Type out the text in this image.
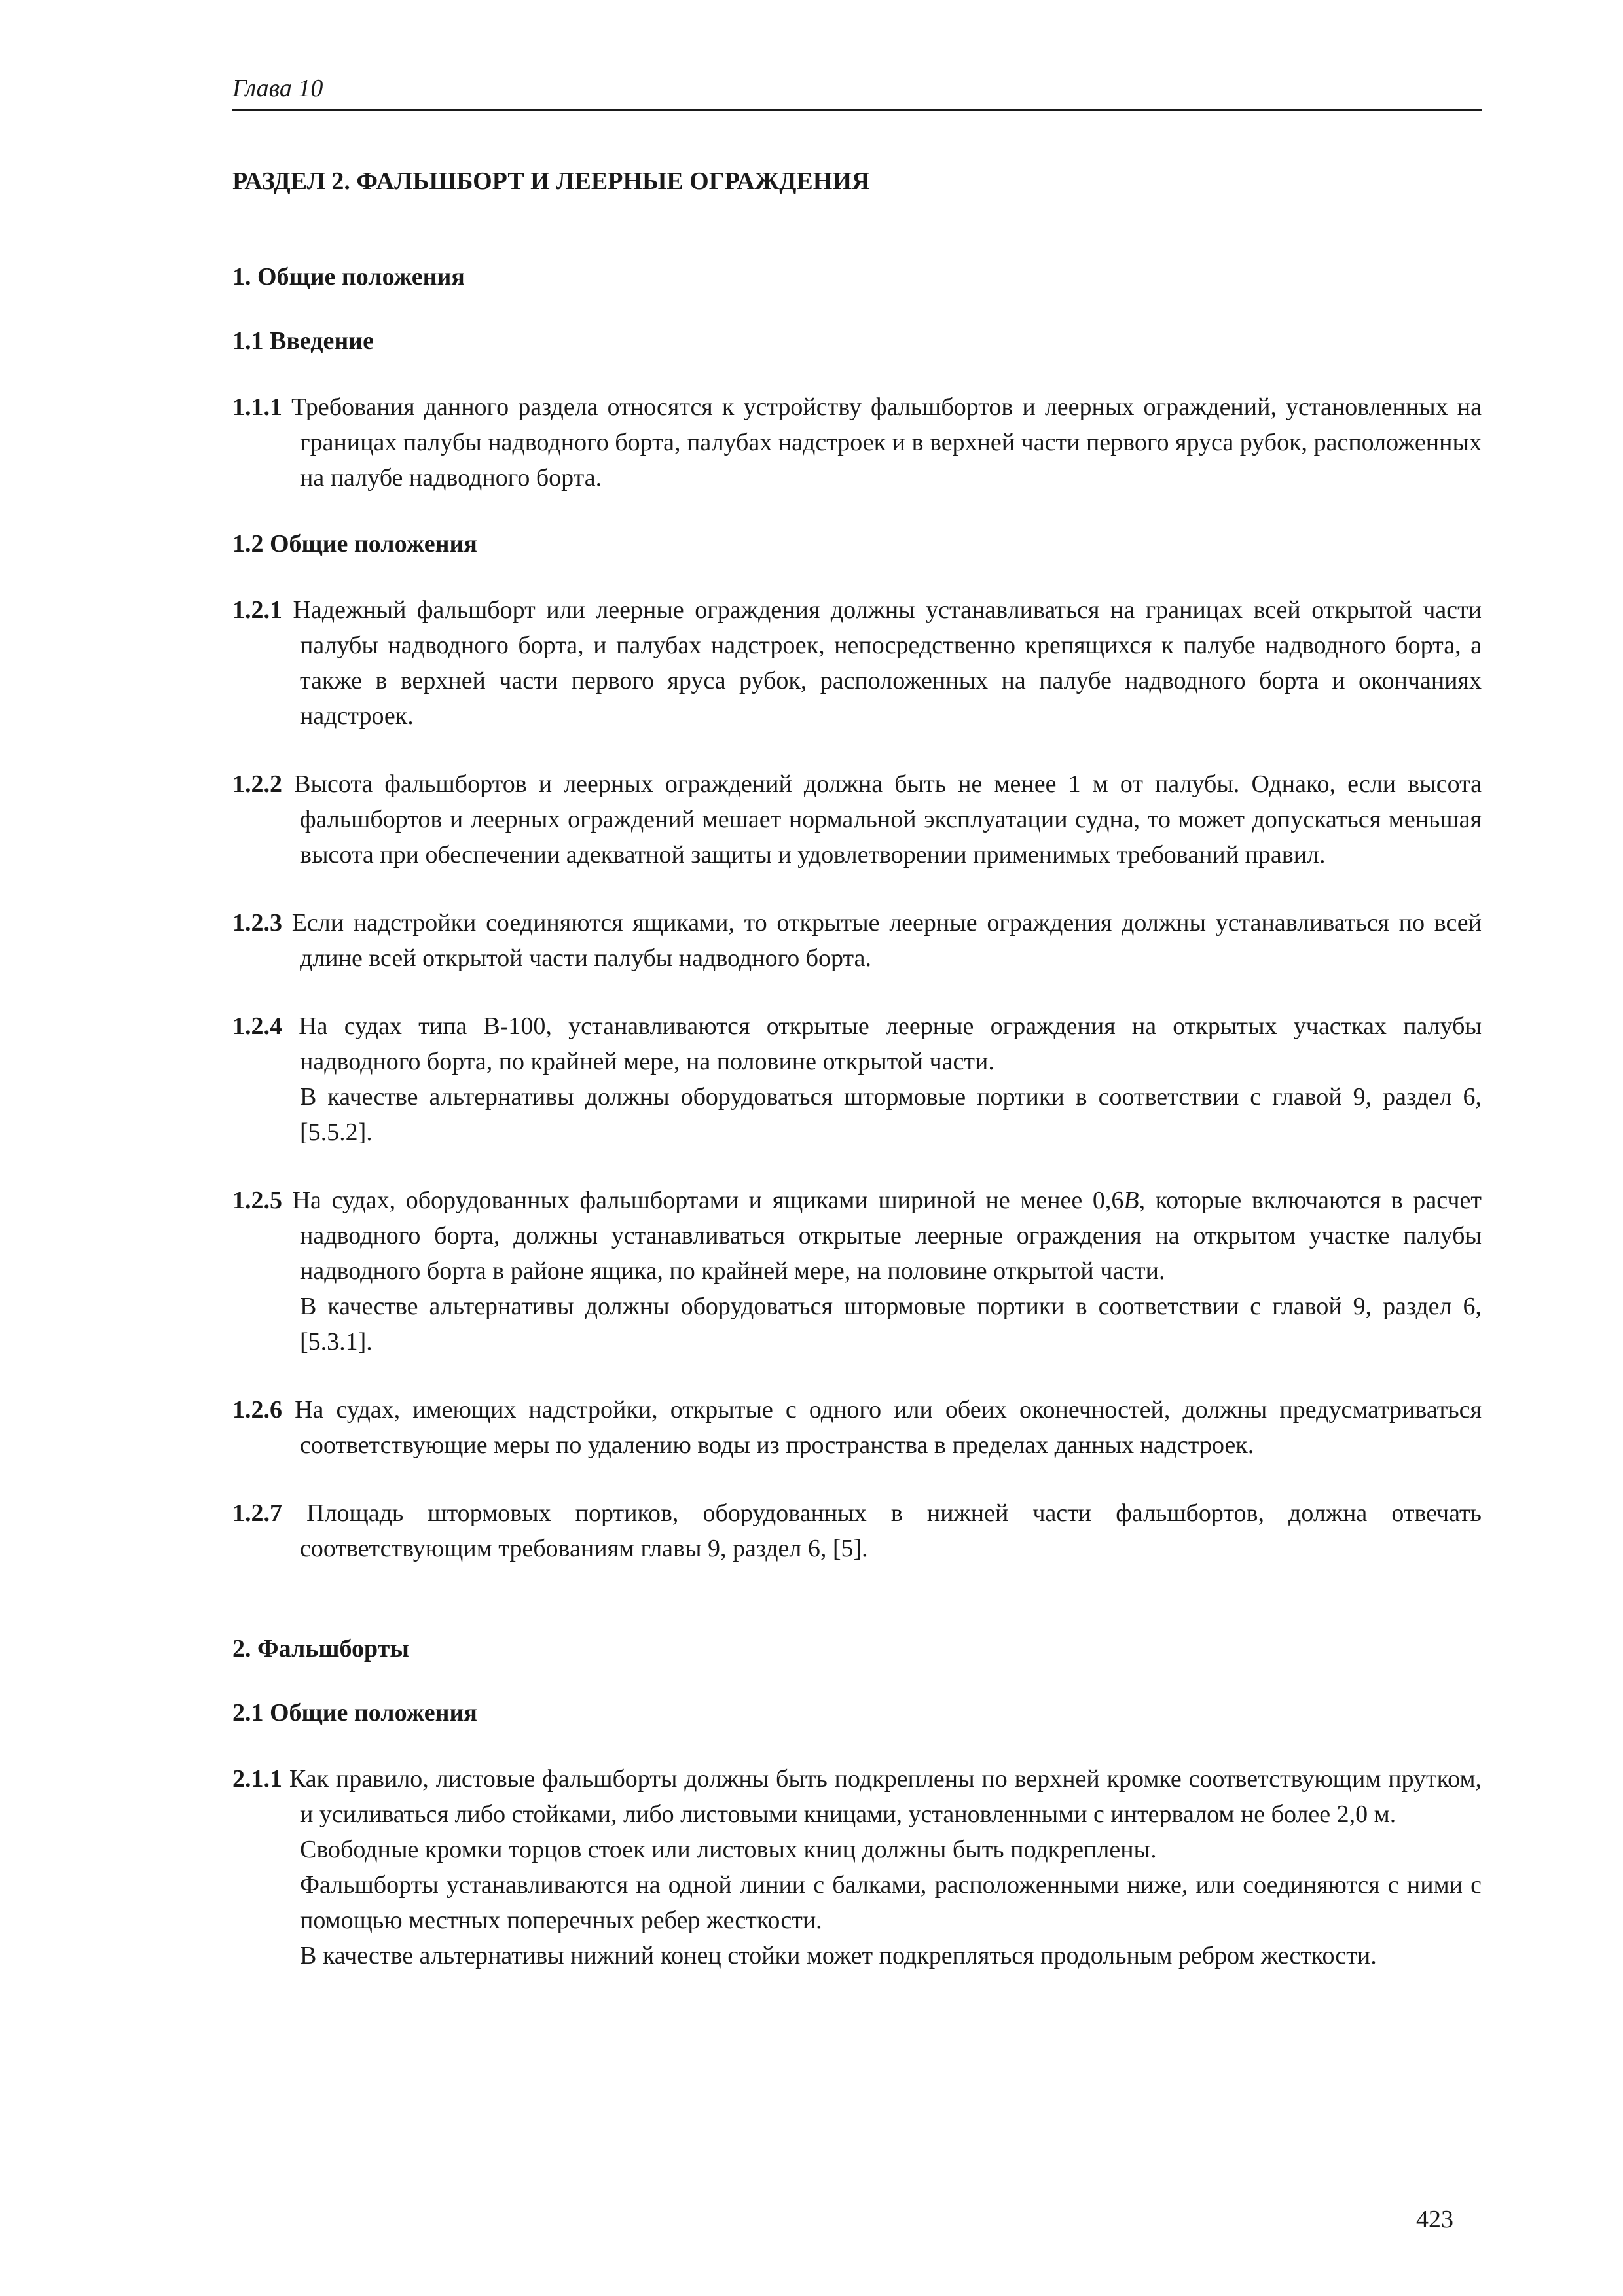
Глава 10
РАЗДЕЛ 2. ФАЛЬШБОРТ И ЛЕЕРНЫЕ ОГРАЖДЕНИЯ
1. Общие положения
1.1 Введение
1.1.1 Требования данного раздела относятся к устройству фальшбортов и леерных ограждений, установленных на границах палубы надводного борта, палубах надстроек и в верхней части первого яруса рубок, расположенных на палубе надводного борта.
1.2 Общие положения
1.2.1 Надежный фальшборт или леерные ограждения должны устанавливаться на границах всей открытой части палубы надводного борта, и палубах надстроек, непосредственно крепящихся к палубе надводного борта, а также в верхней части первого яруса рубок, расположенных на палубе надводного борта и окончаниях надстроек.
1.2.2 Высота фальшбортов и леерных ограждений должна быть не менее 1 м от палубы. Однако, если высота фальшбортов и леерных ограждений мешает нормальной эксплуатации судна, то может допускаться меньшая высота при обеспечении адекватной защиты и удовлетворении применимых требований правил.
1.2.3 Если надстройки соединяются ящиками, то открытые леерные ограждения должны устанавливаться по всей длине всей открытой части палубы надводного борта.
1.2.4 На судах типа В-100, устанавливаются открытые леерные ограждения на открытых участках палубы надводного борта, по крайней мере, на половине открытой части.
В качестве альтернативы должны оборудоваться штормовые портики в соответствии с главой 9, раздел 6, [5.5.2].
1.2.5 На судах, оборудованных фальшбортами и ящиками шириной не менее 0,6B, которые включаются в расчет надводного борта, должны устанавливаться открытые леерные ограждения на открытом участке палубы надводного борта в районе ящика, по крайней мере, на половине открытой части.
В качестве альтернативы должны оборудоваться штормовые портики в соответствии с главой 9, раздел 6, [5.3.1].
1.2.6 На судах, имеющих надстройки, открытые с одного или обеих оконечностей, должны предусматриваться соответствующие меры по удалению воды из пространства в пределах данных надстроек.
1.2.7 Площадь штормовых портиков, оборудованных в нижней части фальшбортов, должна отвечать соответствующим требованиям главы 9, раздел 6, [5].
2. Фальшборты
2.1 Общие положения
2.1.1 Как правило, листовые фальшборты должны быть подкреплены по верхней кромке соответствующим прутком, и усиливаться либо стойками, либо листовыми кницами, установленными с интервалом не более 2,0 м.
Свободные кромки торцов стоек или листовых книц должны быть подкреплены.
Фальшборты устанавливаются на одной линии с балками, расположенными ниже, или соединяются с ними с помощью местных поперечных ребер жесткости.
В качестве альтернативы нижний конец стойки может подкрепляться продольным ребром жесткости.
423
